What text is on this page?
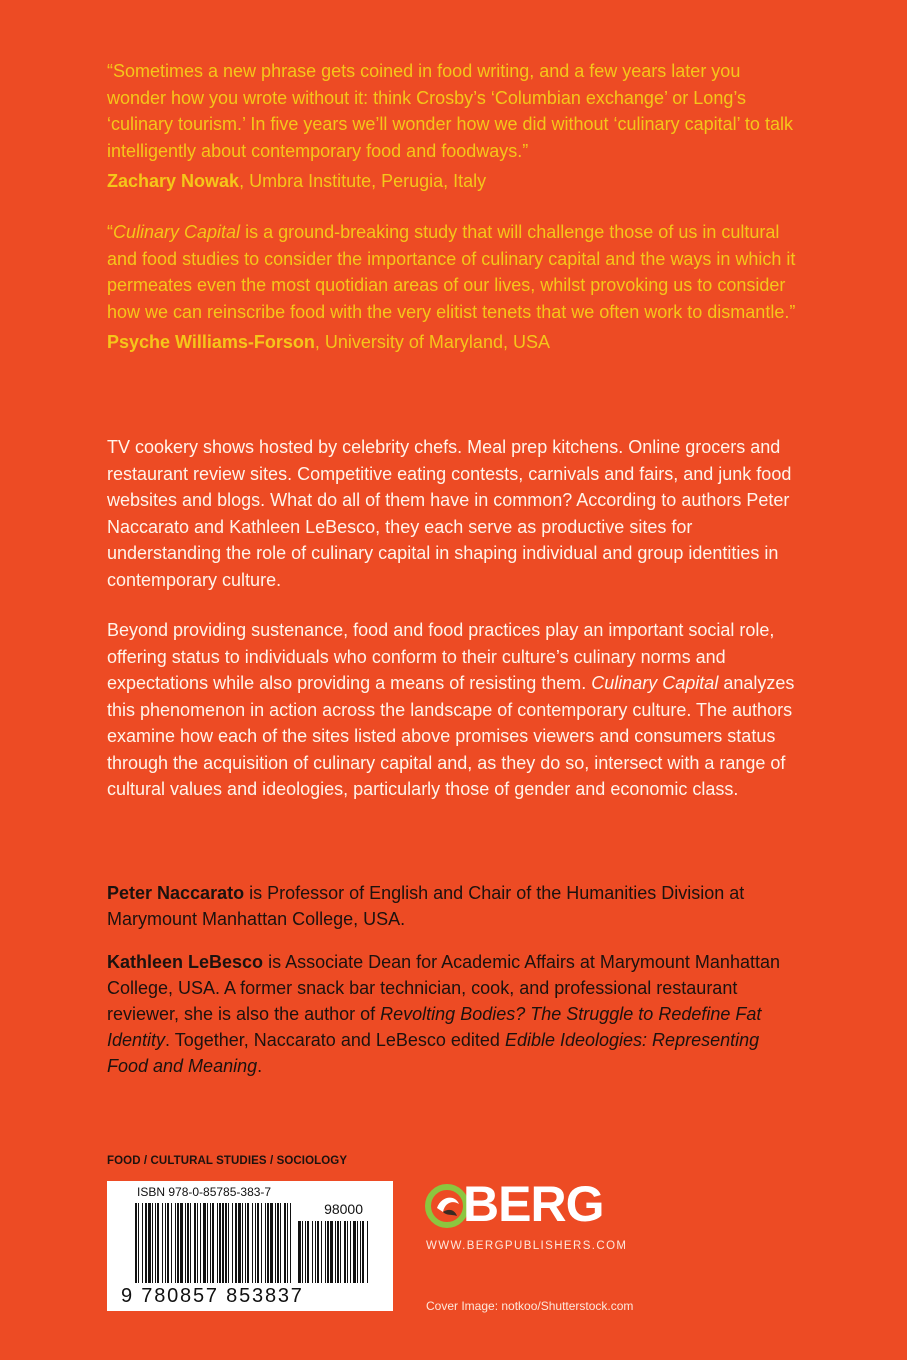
“Sometimes a new phrase gets coined in food writing, and a few years later you wonder how you wrote without it: think Crosby’s ‘Columbian exchange’ or Long’s ‘culinary tourism.’ In five years we’ll wonder how we did without ‘culinary capital’ to talk intelligently about contemporary food and foodways.”

Zachary Nowak, Umbra Institute, Perugia, Italy

“Culinary Capital is a ground-breaking study that will challenge those of us in cultural and food studies to consider the importance of culinary capital and the ways in which it permeates even the most quotidian areas of our lives, whilst provoking us to consider how we can reinscribe food with the very elitist tenets that we often work to dismantle.”

Psyche Williams-Forson, University of Maryland, USA

TV cookery shows hosted by celebrity chefs. Meal prep kitchens. Online grocers and restaurant review sites. Competitive eating contests, carnivals and fairs, and junk food websites and blogs. What do all of them have in common? According to authors Peter Naccarato and Kathleen LeBesco, they each serve as productive sites for understanding the role of culinary capital in shaping individual and group identities in contemporary culture.

Beyond providing sustenance, food and food practices play an important social role, offering status to individuals who conform to their culture’s culinary norms and expectations while also providing a means of resisting them. Culinary Capital analyzes this phenomenon in action across the landscape of contemporary culture. The authors examine how each of the sites listed above promises viewers and consumers status through the acquisition of culinary capital and, as they do so, intersect with a range of cultural values and ideologies, particularly those of gender and economic class.

Peter Naccarato is Professor of English and Chair of the Humanities Division at Marymount Manhattan College, USA.

Kathleen LeBesco is Associate Dean for Academic Affairs at Marymount Manhattan College, USA. A former snack bar technician, cook, and professional restaurant reviewer, she is also the author of Revolting Bodies? The Struggle to Redefine Fat Identity. Together, Naccarato and LeBesco edited Edible Ideologies: Representing Food and Meaning.

FOOD / CULTURAL STUDIES / SOCIOLOGY
ISBN 978-0-85785-383-7
98000
9 780857 853837
BERG
WWW.BERGPUBLISHERS.COM
Cover Image: notkoo/Shutterstock.com
